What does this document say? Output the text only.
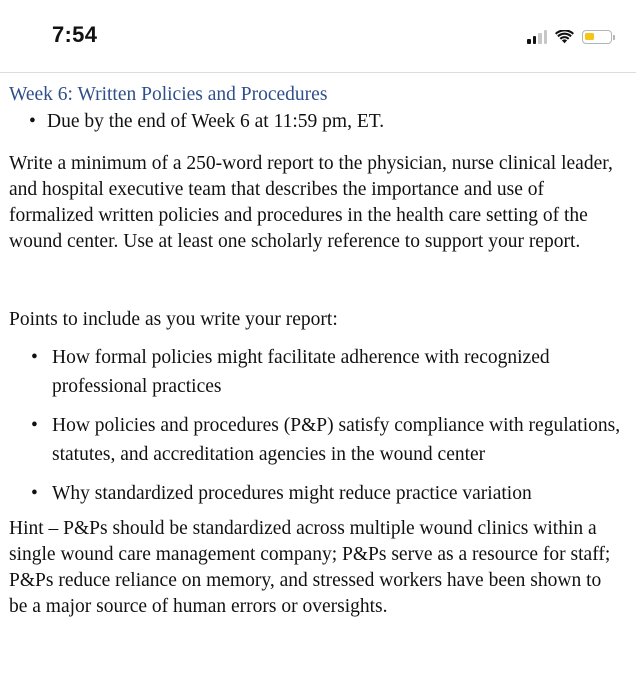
7:54
Week 6: Written Policies and Procedures
• Due by the end of Week 6 at 11:59 pm, ET.

Write a minimum of a 250-word report to the physician, nurse clinical leader, and hospital executive team that describes the importance and use of formalized written policies and procedures in the health care setting of the wound center. Use at least one scholarly reference to support your report.

Points to include as you write your report:

• How formal policies might facilitate adherence with recognized professional practices
• How policies and procedures (P&P) satisfy compliance with regulations, statutes, and accreditation agencies in the wound center
• Why standardized procedures might reduce practice variation

Hint – P&Ps should be standardized across multiple wound clinics within a single wound care management company; P&Ps serve as a resource for staff; P&Ps reduce reliance on memory, and stressed workers have been shown to be a major source of human errors or oversights.
